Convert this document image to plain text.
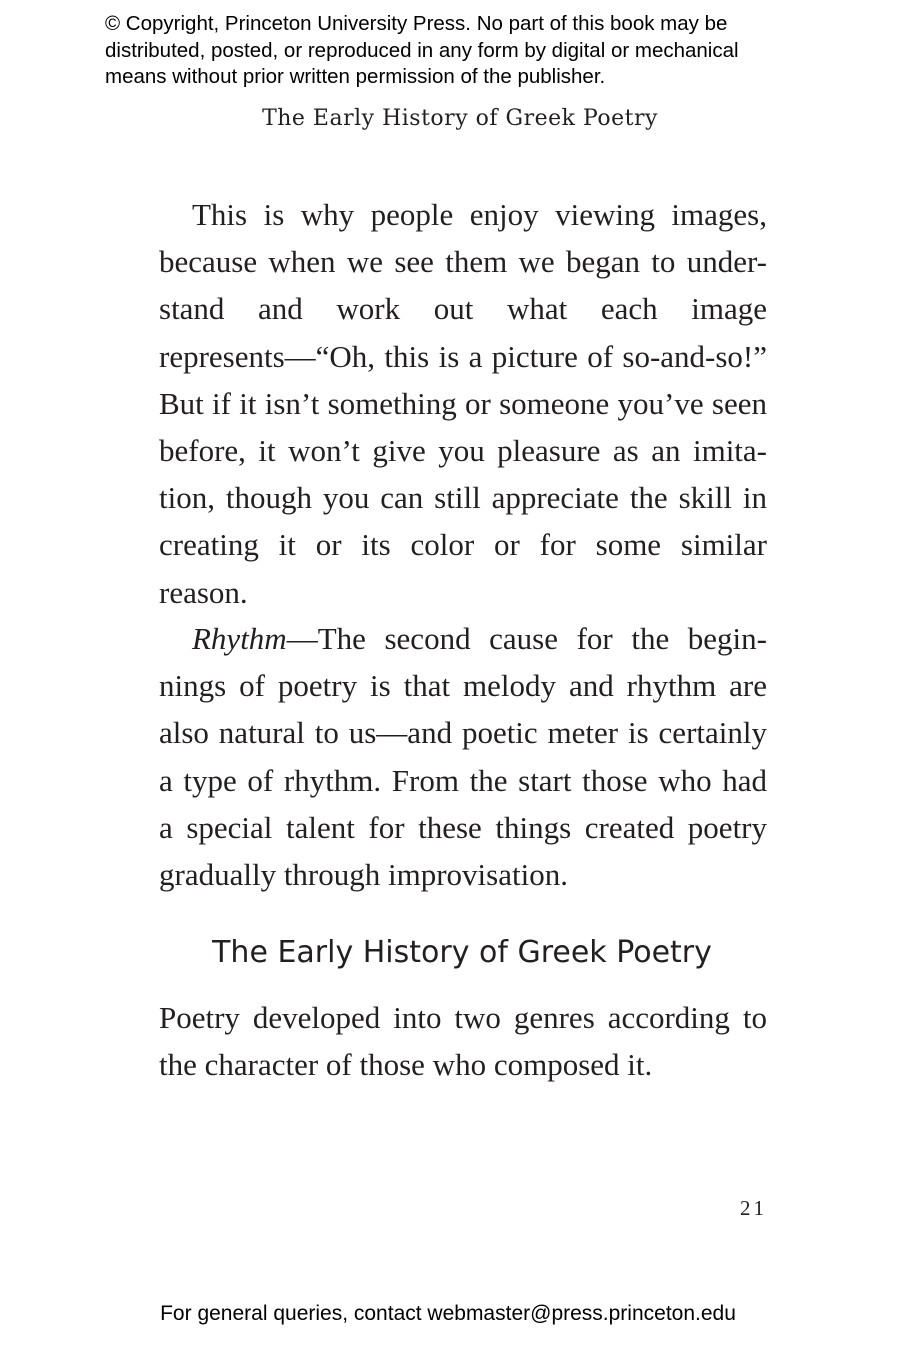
© Copyright, Princeton University Press. No part of this book may be
distributed, posted, or reproduced in any form by digital or mechanical
means without prior written permission of the publisher.
The Early History of Greek Poetry
This is why people enjoy viewing images,
because when we see them we began to under-
stand and work out what each image
represents—“Oh, this is a picture of so-and-so!”
But if it isn’t something or someone you’ve seen
before, it won’t give you pleasure as an imita-
tion, though you can still appreciate the skill in
creating it or its color or for some similar
reason.
Rhythm—The second cause for the begin-
nings of poetry is that melody and rhythm are
also natural to us—and poetic meter is certainly
a type of rhythm. From the start those who had
a special talent for these things created poetry
gradually through improvisation.
The Early History of Greek Poetry
Poetry developed into two genres according to
the character of those who composed it.
21
For general queries, contact webmaster@press.princeton.edu
